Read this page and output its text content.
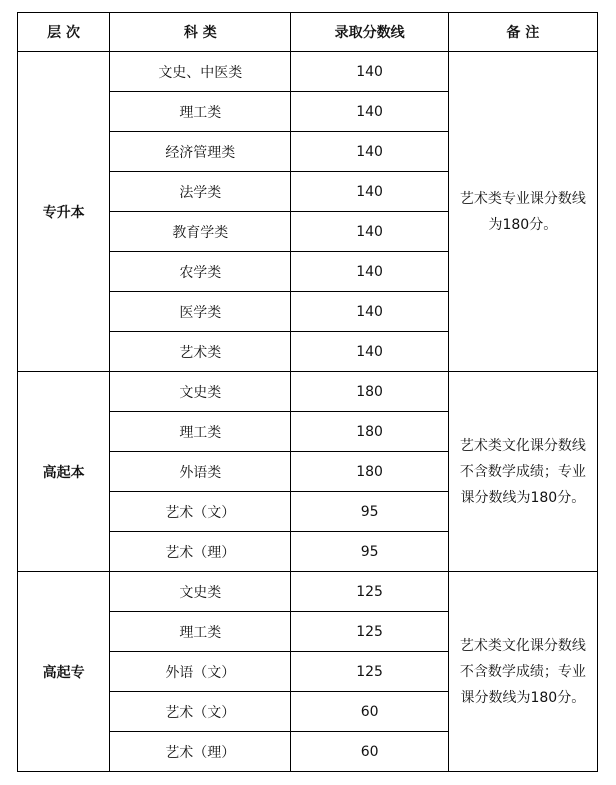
层 次	科 类	录取分数线	备 注
专升本	文史、中医类	140	艺术类专业课分数线为180分。
	理工类	140	
	经济管理类	140	
	法学类	140	
	教育学类	140	
	农学类	140	
	医学类	140	
	艺术类	140	
高起本	文史类	180	艺术类文化课分数线不含数学成绩；专业课分数线为180分。
	理工类	180	
	外语类	180	
	艺术（文）	95	
	艺术（理）	95	
高起专	文史类	125	艺术类文化课分数线不含数学成绩；专业课分数线为180分。
	理工类	125	
	外语（文）	125	
	艺术（文）	60	
	艺术（理）	60	
